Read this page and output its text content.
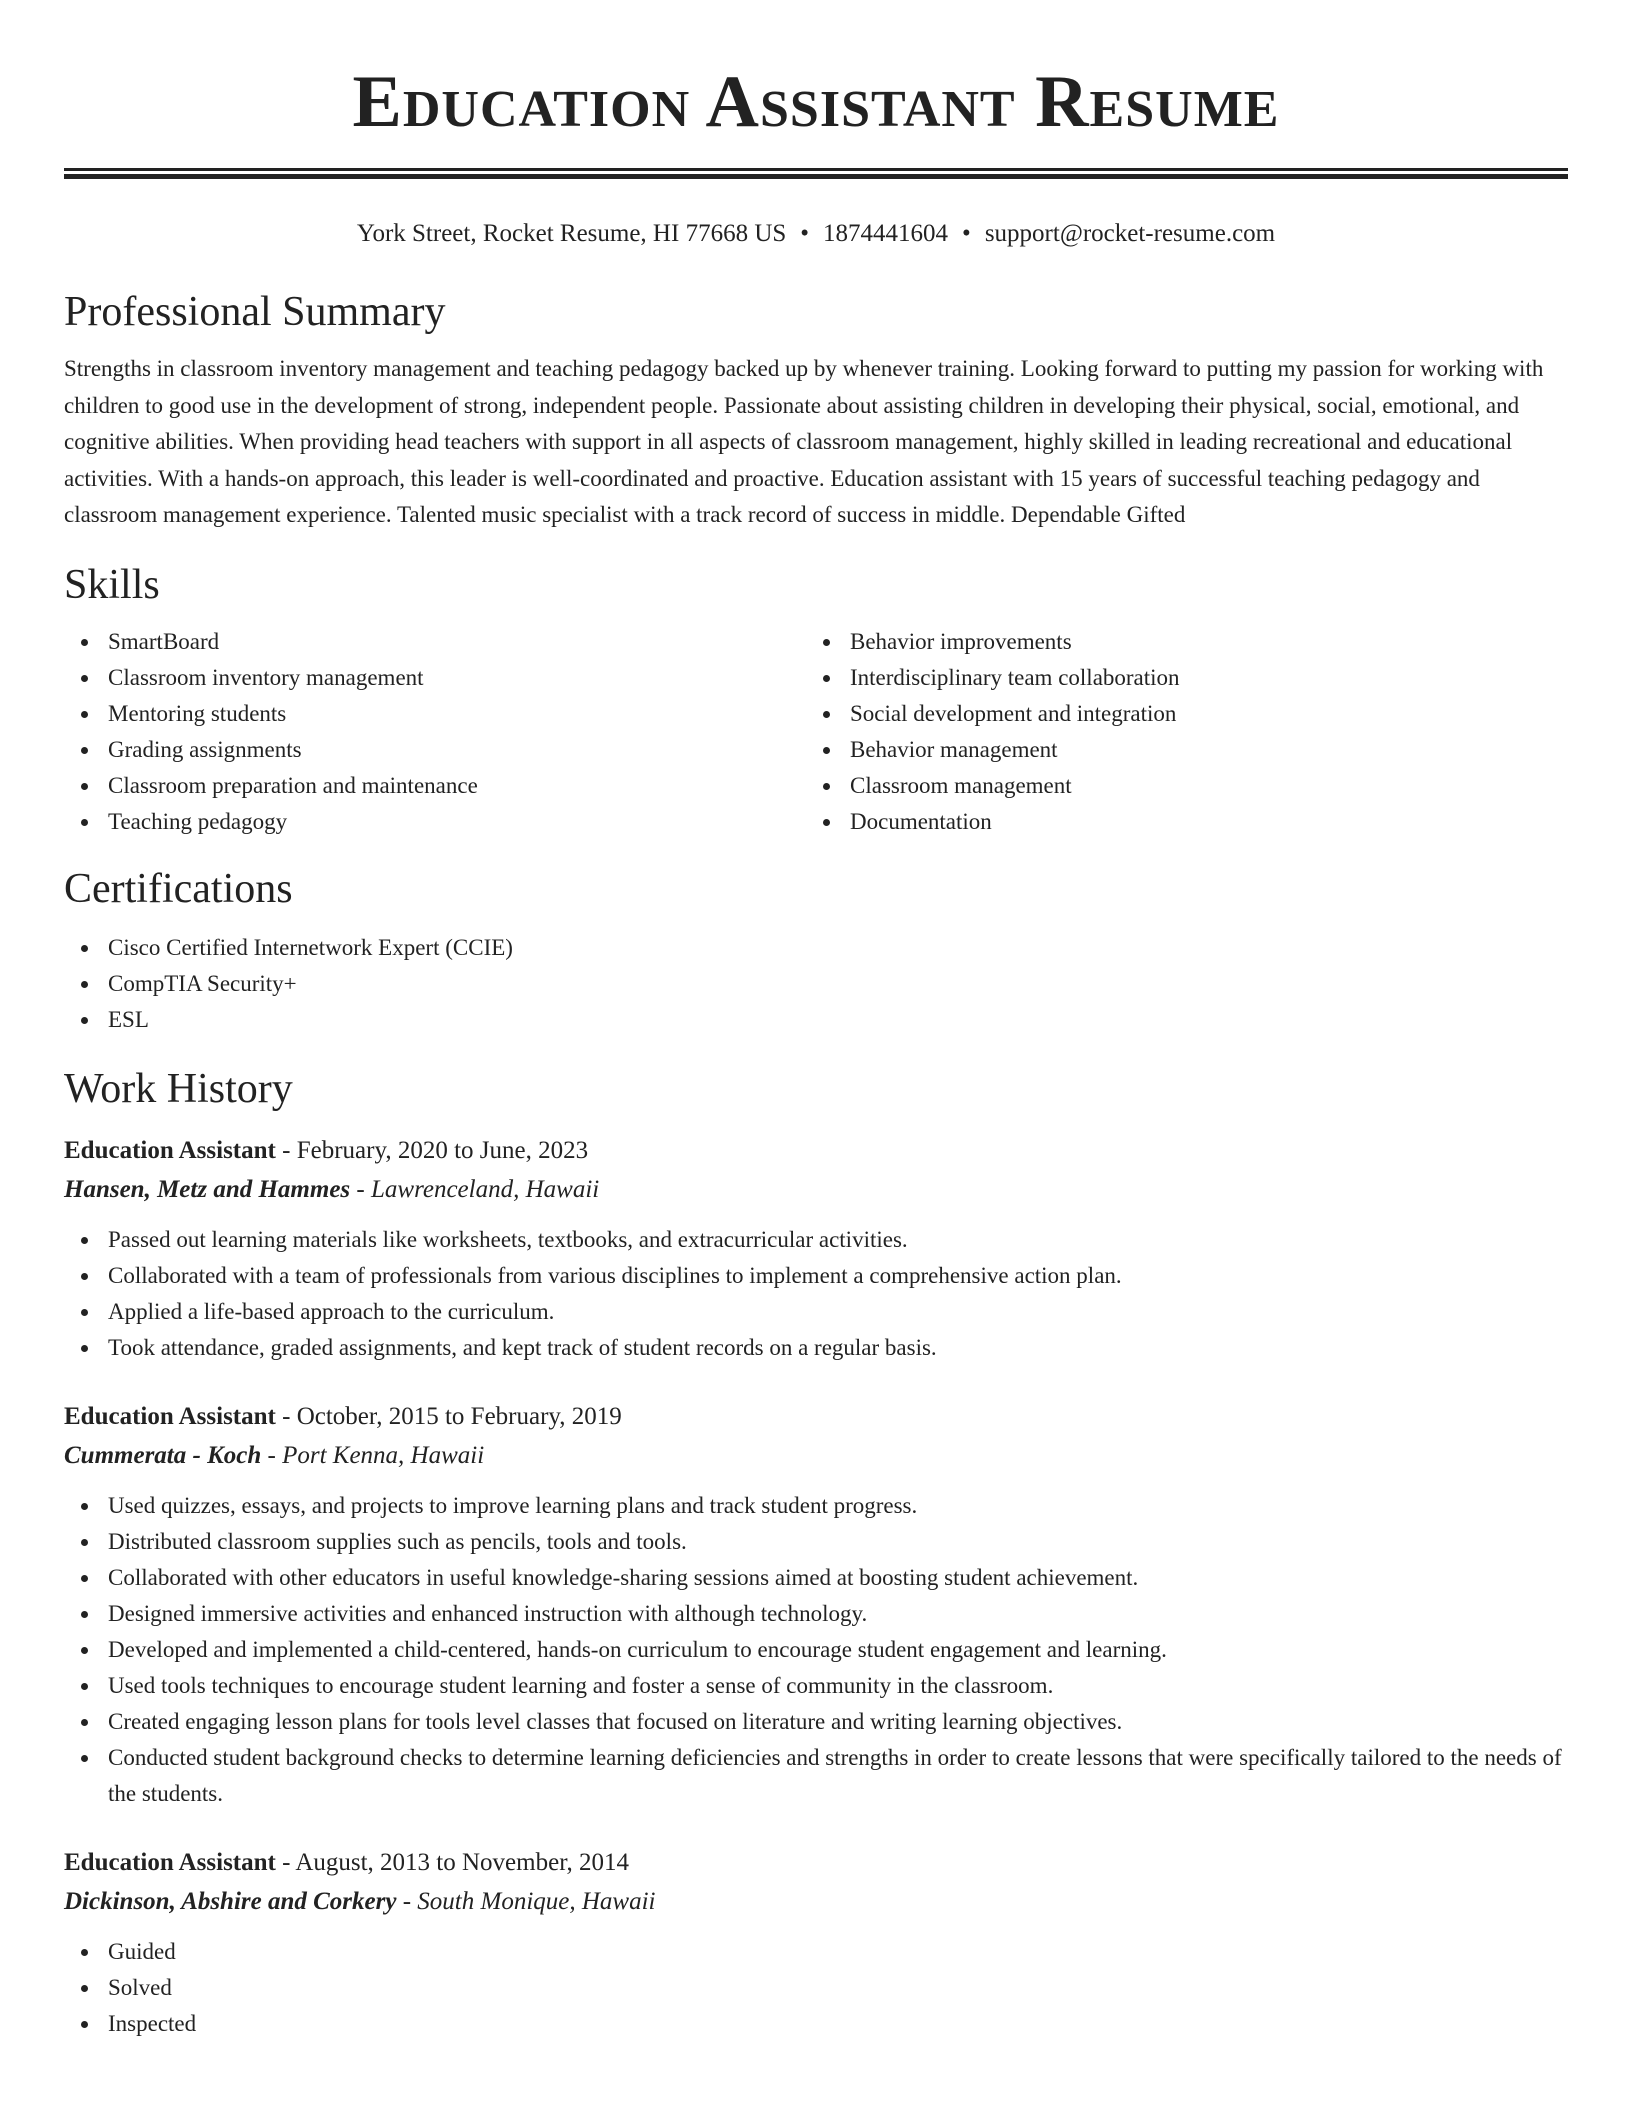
Education Assistant Resume
York Street, Rocket Resume, HI 77668 US • 1874441604 • support@rocket-resume.com
Professional Summary

Strengths in classroom inventory management and teaching pedagogy backed up by whenever training. Looking forward to putting my passion for working with children to good use in the development of strong, independent people. Passionate about assisting children in developing their physical, social, emotional, and cognitive abilities. When providing head teachers with support in all aspects of classroom management, highly skilled in leading recreational and educational activities. With a hands-on approach, this leader is well-coordinated and proactive. Education assistant with 15 years of successful teaching pedagogy and classroom management experience. Talented music specialist with a track record of success in middle. Dependable Gifted

Skills
SmartBoard
Classroom inventory management
Mentoring students
Grading assignments
Classroom preparation and maintenance
Teaching pedagogy
Behavior improvements
Interdisciplinary team collaboration
Social development and integration
Behavior management
Classroom management
Documentation
Certifications
Cisco Certified Internetwork Expert (CCIE)
CompTIA Security+
ESL
Work History
Education Assistant - February, 2020 to June, 2023
Hansen, Metz and Hammes - Lawrenceland, Hawaii
Passed out learning materials like worksheets, textbooks, and extracurricular activities.
Collaborated with a team of professionals from various disciplines to implement a comprehensive action plan.
Applied a life-based approach to the curriculum.
Took attendance, graded assignments, and kept track of student records on a regular basis.
Education Assistant - October, 2015 to February, 2019
Cummerata - Koch - Port Kenna, Hawaii
Used quizzes, essays, and projects to improve learning plans and track student progress.
Distributed classroom supplies such as pencils, tools and tools.
Collaborated with other educators in useful knowledge-sharing sessions aimed at boosting student achievement.
Designed immersive activities and enhanced instruction with although technology.
Developed and implemented a child-centered, hands-on curriculum to encourage student engagement and learning.
Used tools techniques to encourage student learning and foster a sense of community in the classroom.
Created engaging lesson plans for tools level classes that focused on literature and writing learning objectives.
Conducted student background checks to determine learning deficiencies and strengths in order to create lessons that were specifically tailored to the needs of the students.
Education Assistant - August, 2013 to November, 2014
Dickinson, Abshire and Corkery - South Monique, Hawaii
Guided
Solved
Inspected
